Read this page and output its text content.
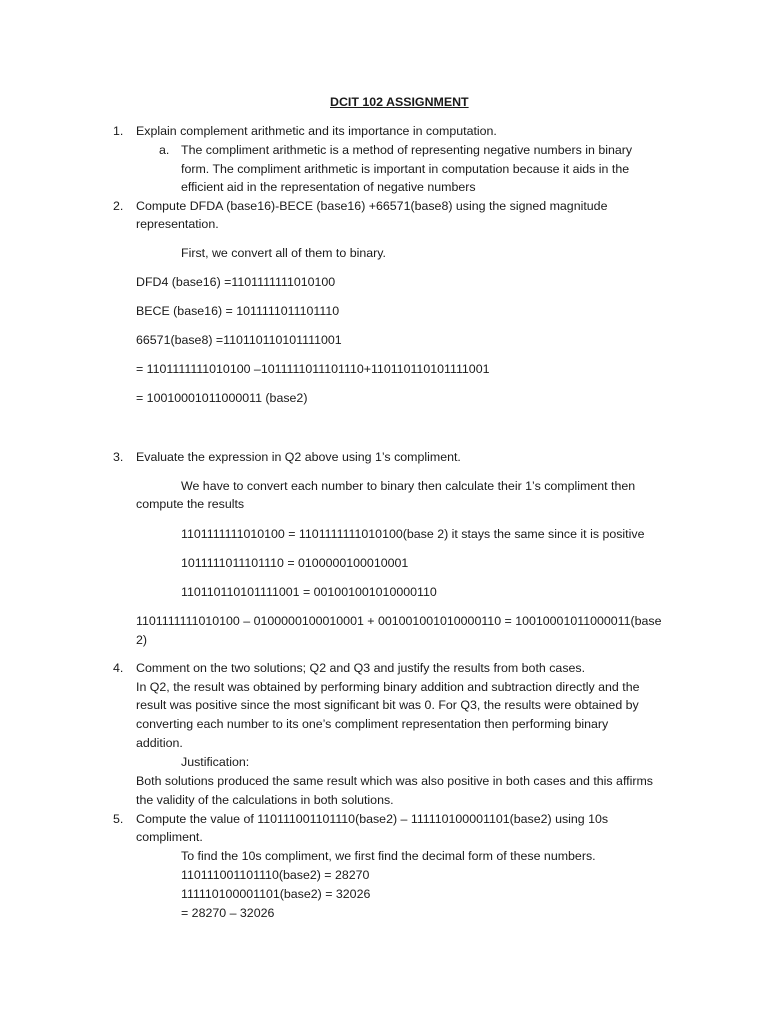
DCIT 102 ASSIGNMENT
1. Explain complement arithmetic and its importance in computation.
a. The compliment arithmetic is a method of representing negative numbers in binary
form. The compliment arithmetic is important in computation because it aids in the
efficient aid in the representation of negative numbers
2. Compute DFDA (base16)-BECE (base16) +66571(base8) using the signed magnitude
representation.
First, we convert all of them to binary.
DFD4 (base16) =1101111111010100
BECE (base16) = 1011111011101110
66571(base8) =110110110101111001
= 1101111111010100 –1011111011101110+110110110101111001
= 10010001011000011 (base2)
3. Evaluate the expression in Q2 above using 1’s compliment.
We have to convert each number to binary then calculate their 1’s compliment then
compute the results
1101111111010100 = 1101111111010100(base 2) it stays the same since it is positive
1011111011101110 = 0100000100010001
110110110101111001 = 001001001010000110
1101111111010100 – 0100000100010001 + 001001001010000110 = 10010001011000011(base
2)
4. Comment on the two solutions; Q2 and Q3 and justify the results from both cases.
In Q2, the result was obtained by performing binary addition and subtraction directly and the
result was positive since the most significant bit was 0. For Q3, the results were obtained by
converting each number to its one’s compliment representation then performing binary
addition.
Justification:
Both solutions produced the same result which was also positive in both cases and this affirms
the validity of the calculations in both solutions.
5. Compute the value of 110111001101110(base2) – 111110100001101(base2) using 10s
compliment.
To find the 10s compliment, we first find the decimal form of these numbers.
110111001101110(base2) = 28270
111110100001101(base2) = 32026
= 28270 – 32026
